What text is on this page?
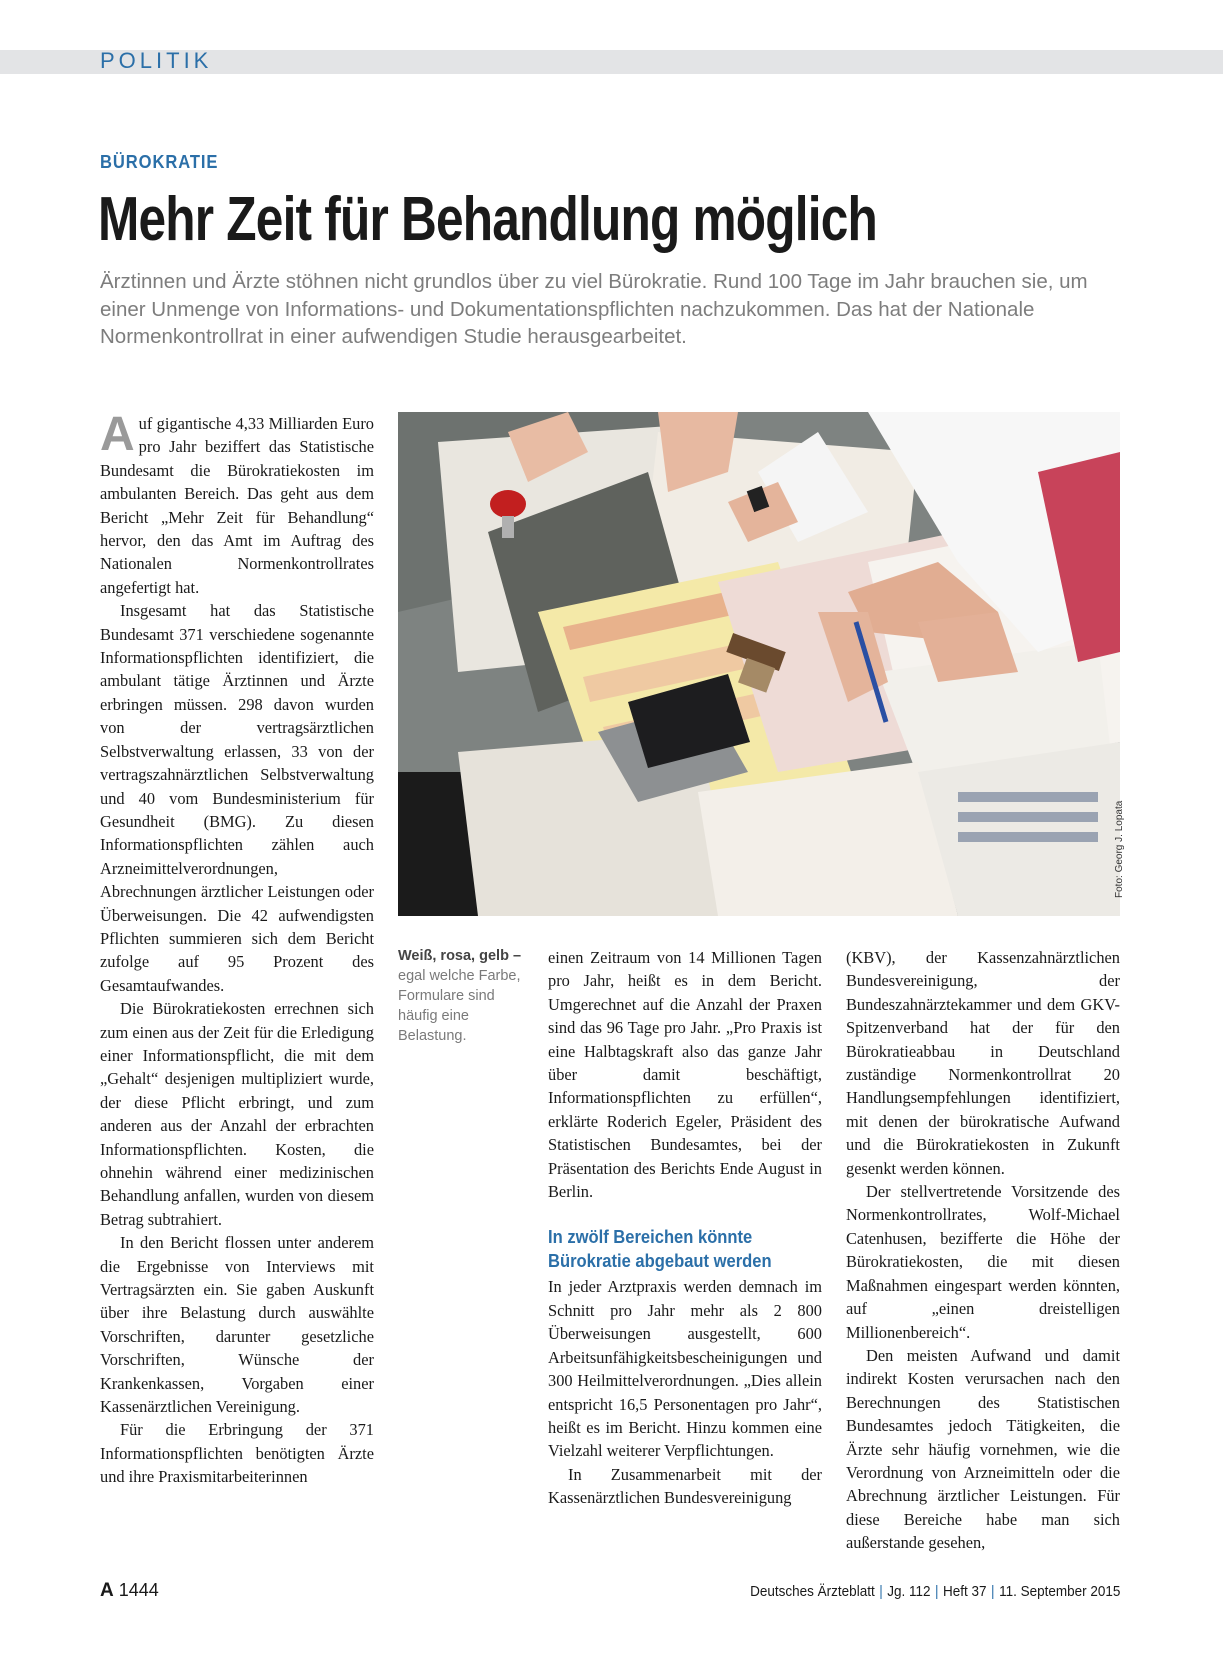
POLITIK
BÜROKRATIE
Mehr Zeit für Behandlung möglich
Ärztinnen und Ärzte stöhnen nicht grundlos über zu viel Bürokratie. Rund 100 Tage im Jahr brauchen sie, um einer Unmenge von Informations- und Dokumentationspflichten nachzukommen. Das hat der Nationale Normenkontrollrat in einer aufwendigen Studie herausgearbeitet.

Auf gigantische 4,33 Milliarden Euro pro Jahr beziffert das Statistische Bundesamt die Bürokratiekosten im ambulanten Bereich. Das geht aus dem Bericht „Mehr Zeit für Behandlung“ hervor, den das Amt im Auftrag des Nationalen Normenkontrollrates angefertigt hat.

Insgesamt hat das Statistische Bundesamt 371 verschiedene sogenannte Informationspflichten identifiziert, die ambulant tätige Ärztinnen und Ärzte erbringen müssen. 298 davon wurden von der vertragsärztlichen Selbstverwaltung erlassen, 33 von der vertragszahnärztlichen Selbstverwaltung und 40 vom Bundesministerium für Gesundheit (BMG). Zu diesen Informationspflichten zählen auch Arzneimittelverordnungen, Abrechnungen ärztlicher Leistungen oder Überweisungen. Die 42 aufwendigsten Pflichten summieren sich dem Bericht zufolge auf 95 Prozent des Gesamtaufwandes.

Die Bürokratiekosten errechnen sich zum einen aus der Zeit für die Erledigung einer Informationspflicht, die mit dem „Gehalt“ desjenigen multipliziert wurde, der diese Pflicht erbringt, und zum anderen aus der Anzahl der erbrachten Informationspflichten. Kosten, die ohnehin während einer medizinischen Behandlung anfallen, wurden von diesem Betrag subtrahiert.

In den Bericht flossen unter anderem die Ergebnisse von Interviews mit Vertragsärzten ein. Sie gaben Auskunft über ihre Belastung durch auswählte Vorschriften, darunter gesetzliche Vorschriften, Wünsche der Krankenkassen, Vorgaben einer Kassenärztlichen Vereinigung.

Für die Erbringung der 371 Informationspflichten benötigten Ärzte und ihre Praxismitarbeiterinnen

Foto: Georg J. Lopata
Weiß, rosa, gelb – egal welche Farbe, Formulare sind häufig eine Belastung.

einen Zeitraum von 14 Millionen Tagen pro Jahr, heißt es in dem Bericht. Umgerechnet auf die Anzahl der Praxen sind das 96 Tage pro Jahr. „Pro Praxis ist eine Halbtagskraft also das ganze Jahr über damit beschäftigt, Informationspflichten zu erfüllen“, erklärte Roderich Egeler, Präsident des Statistischen Bundesamtes, bei der Präsentation des Berichts Ende August in Berlin.

In zwölf Bereichen könnte Bürokratie abgebaut werden

In jeder Arztpraxis werden demnach im Schnitt pro Jahr mehr als 2 800 Überweisungen ausgestellt, 600 Arbeitsunfähigkeitsbescheinigungen und 300 Heilmittelverordnungen. „Dies allein entspricht 16,5 Personentagen pro Jahr“, heißt es im Bericht. Hinzu kommen eine Vielzahl weiterer Verpflichtungen.

In Zusammenarbeit mit der Kassenärztlichen Bundesvereinigung

(KBV), der Kassenzahnärztlichen Bundesvereinigung, der Bundeszahnärztekammer und dem GKV-Spitzenverband hat der für den Bürokratieabbau in Deutschland zuständige Normenkontrollrat 20 Handlungsempfehlungen identifiziert, mit denen der bürokratische Aufwand und die Bürokratiekosten in Zukunft gesenkt werden können.

Der stellvertretende Vorsitzende des Normenkontrollrates, Wolf-Michael Catenhusen, bezifferte die Höhe der Bürokratiekosten, die mit diesen Maßnahmen eingespart werden könnten, auf „einen dreistelligen Millionenbereich“.

Den meisten Aufwand und damit indirekt Kosten verursachen nach den Berechnungen des Statistischen Bundesamtes jedoch Tätigkeiten, die Ärzte sehr häufig vornehmen, wie die Verordnung von Arzneimitteln oder die Abrechnung ärztlicher Leistungen. Für diese Bereiche habe man sich außerstande gesehen,

A 1444	Deutsches Ärzteblatt | Jg. 112 | Heft 37 | 11. September 2015
